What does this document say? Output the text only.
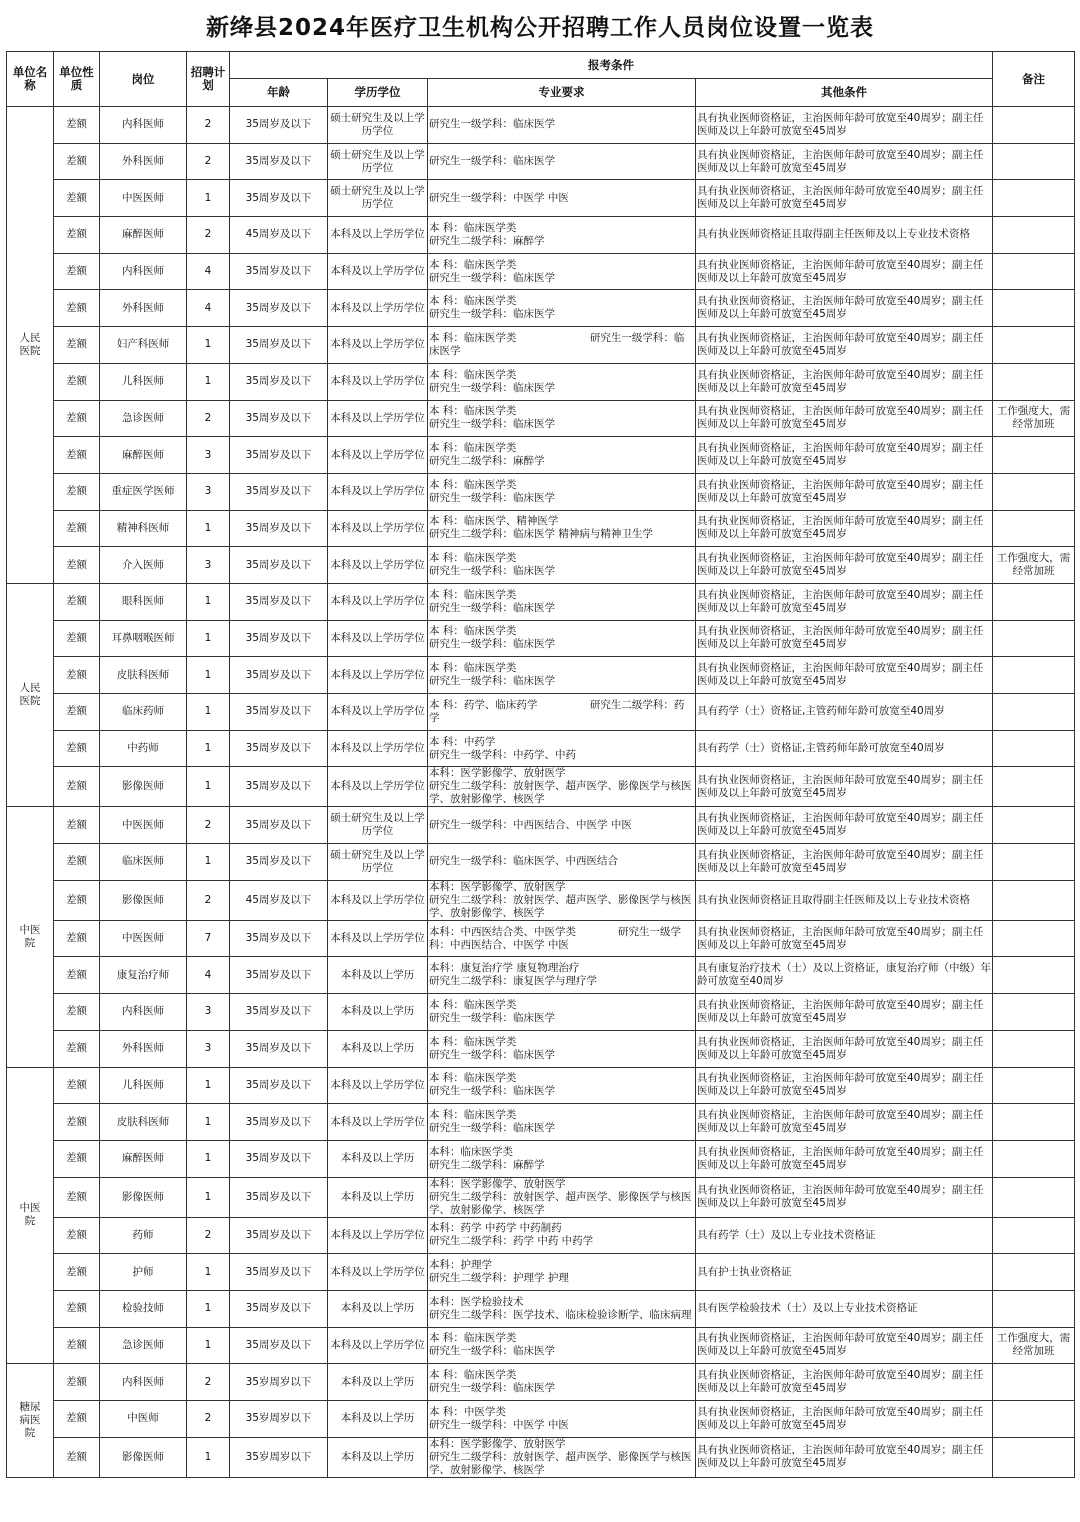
新绛县2024年医疗卫生机构公开招聘工作人员岗位设置一览表
单位名称	单位性质	岗位	招聘计划	报考条件				备注
				年龄	学历学位	专业要求	其他条件	
人民医院	差额	内科医师	2	35周岁及以下	硕士研究生及以上学历学位	研究生一级学科：临床医学	具有执业医师资格证，主治医师年龄可放宽至40周岁；副主任医师及以上年龄可放宽至45周岁	
	差额	外科医师	2	35周岁及以下	硕士研究生及以上学历学位	研究生一级学科：临床医学	具有执业医师资格证，主治医师年龄可放宽至40周岁；副主任医师及以上年龄可放宽至45周岁	
	差额	中医医师	1	35周岁及以下	硕士研究生及以上学历学位	研究生一级学科：中医学 中医	具有执业医师资格证，主治医师年龄可放宽至40周岁；副主任医师及以上年龄可放宽至45周岁	
	差额	麻醉医师	2	45周岁及以下	本科及以上学历学位	本 科：临床医学类
研究生二级学科：麻醉学	具有执业医师资格证且取得副主任医师及以上专业技术资格	
	差额	内科医师	4	35周岁及以下	本科及以上学历学位	本 科：临床医学类
研究生一级学科：临床医学	具有执业医师资格证，主治医师年龄可放宽至40周岁；副主任医师及以上年龄可放宽至45周岁	
	差额	外科医师	4	35周岁及以下	本科及以上学历学位	本 科：临床医学类
研究生一级学科：临床医学	具有执业医师资格证，主治医师年龄可放宽至40周岁；副主任医师及以上年龄可放宽至45周岁	
	差额	妇产科医师	1	35周岁及以下	本科及以上学历学位	本 科：临床医学类　　　　　　　研究生一级学科：临床医学	具有执业医师资格证，主治医师年龄可放宽至40周岁；副主任医师及以上年龄可放宽至45周岁	
	差额	儿科医师	1	35周岁及以下	本科及以上学历学位	本 科：临床医学类
研究生一级学科：临床医学	具有执业医师资格证，主治医师年龄可放宽至40周岁；副主任医师及以上年龄可放宽至45周岁	
	差额	急诊医师	2	35周岁及以下	本科及以上学历学位	本 科：临床医学类
研究生一级学科：临床医学	具有执业医师资格证，主治医师年龄可放宽至40周岁；副主任医师及以上年龄可放宽至45周岁	工作强度大，需经常加班
	差额	麻醉医师	3	35周岁及以下	本科及以上学历学位	本 科：临床医学类
研究生二级学科：麻醉学	具有执业医师资格证，主治医师年龄可放宽至40周岁；副主任医师及以上年龄可放宽至45周岁	
	差额	重症医学医师	3	35周岁及以下	本科及以上学历学位	本 科：临床医学类
研究生一级学科：临床医学	具有执业医师资格证，主治医师年龄可放宽至40周岁；副主任医师及以上年龄可放宽至45周岁	
	差额	精神科医师	1	35周岁及以下	本科及以上学历学位	本 科：临床医学、精神医学
研究生二级学科：临床医学 精神病与精神卫生学	具有执业医师资格证，主治医师年龄可放宽至40周岁；副主任医师及以上年龄可放宽至45周岁	
	差额	介入医师	3	35周岁及以下	本科及以上学历学位	本 科：临床医学类
研究生一级学科：临床医学	具有执业医师资格证，主治医师年龄可放宽至40周岁；副主任医师及以上年龄可放宽至45周岁	工作强度大，需经常加班
人民医院	差额	眼科医师	1	35周岁及以下	本科及以上学历学位	本 科：临床医学类
研究生一级学科：临床医学	具有执业医师资格证，主治医师年龄可放宽至40周岁；副主任医师及以上年龄可放宽至45周岁	
	差额	耳鼻咽喉医师	1	35周岁及以下	本科及以上学历学位	本 科：临床医学类
研究生一级学科：临床医学	具有执业医师资格证，主治医师年龄可放宽至40周岁；副主任医师及以上年龄可放宽至45周岁	
	差额	皮肤科医师	1	35周岁及以下	本科及以上学历学位	本 科：临床医学类
研究生一级学科：临床医学	具有执业医师资格证，主治医师年龄可放宽至40周岁；副主任医师及以上年龄可放宽至45周岁	
	差额	临床药师	1	35周岁及以下	本科及以上学历学位	本 科：药学、临床药学　　　　　研究生二级学科：药学	具有药学（士）资格证,主管药师年龄可放宽至40周岁	
	差额	中药师	1	35周岁及以下	本科及以上学历学位	本 科：中药学
研究生一级学科：中药学、中药	具有药学（士）资格证,主管药师年龄可放宽至40周岁	
	差额	影像医师	1	35周岁及以下	本科及以上学历学位	本科：医学影像学、放射医学
研究生二级学科：放射医学、超声医学、影像医学与核医学、放射影像学、核医学	具有执业医师资格证，主治医师年龄可放宽至40周岁；副主任医师及以上年龄可放宽至45周岁	
中医院	差额	中医医师	2	35周岁及以下	硕士研究生及以上学历学位	研究生一级学科：中西医结合、中医学 中医	具有执业医师资格证，主治医师年龄可放宽至40周岁；副主任医师及以上年龄可放宽至45周岁	
	差额	临床医师	1	35周岁及以下	硕士研究生及以上学历学位	研究生一级学科：临床医学、中西医结合	具有执业医师资格证，主治医师年龄可放宽至40周岁；副主任医师及以上年龄可放宽至45周岁	
	差额	影像医师	2	45周岁及以下	本科及以上学历学位	本科：医学影像学、放射医学
研究生二级学科：放射医学、超声医学、影像医学与核医学、放射影像学、核医学	具有执业医师资格证且取得副主任医师及以上专业技术资格	
	差额	中医医师	7	35周岁及以下	本科及以上学历学位	本科：中西医结合类、中医学类　　　　研究生一级学科：中西医结合、中医学 中医	具有执业医师资格证，主治医师年龄可放宽至40周岁；副主任医师及以上年龄可放宽至45周岁	
	差额	康复治疗师	4	35周岁及以下	本科及以上学历	本科：康复治疗学 康复物理治疗
研究生二级学科：康复医学与理疗学	具有康复治疗技术（士）及以上资格证，康复治疗师（中级）年龄可放宽至40周岁	
	差额	内科医师	3	35周岁及以下	本科及以上学历	本 科：临床医学类
研究生一级学科：临床医学	具有执业医师资格证，主治医师年龄可放宽至40周岁；副主任医师及以上年龄可放宽至45周岁	
	差额	外科医师	3	35周岁及以下	本科及以上学历	本 科：临床医学类
研究生一级学科：临床医学	具有执业医师资格证，主治医师年龄可放宽至40周岁；副主任医师及以上年龄可放宽至45周岁	
中医院	差额	儿科医师	1	35周岁及以下	本科及以上学历学位	本 科：临床医学类
研究生一级学科：临床医学	具有执业医师资格证，主治医师年龄可放宽至40周岁；副主任医师及以上年龄可放宽至45周岁	
	差额	皮肤科医师	1	35周岁及以下	本科及以上学历学位	本 科：临床医学类
研究生一级学科：临床医学	具有执业医师资格证，主治医师年龄可放宽至40周岁；副主任医师及以上年龄可放宽至45周岁	
	差额	麻醉医师	1	35周岁及以下	本科及以上学历	本科：临床医学类
研究生二级学科：麻醉学	具有执业医师资格证，主治医师年龄可放宽至40周岁；副主任医师及以上年龄可放宽至45周岁	
	差额	影像医师	1	35周岁及以下	本科及以上学历	本科：医学影像学、放射医学
研究生二级学科：放射医学、超声医学、影像医学与核医学、放射影像学、核医学	具有执业医师资格证，主治医师年龄可放宽至40周岁；副主任医师及以上年龄可放宽至45周岁	
	差额	药师	2	35周岁及以下	本科及以上学历学位	本科：药学 中药学 中药制药
研究生二级学科：药学 中药 中药学	具有药学（士）及以上专业技术资格证	
	差额	护师	1	35周岁及以下	本科及以上学历学位	本科：护理学
研究生二级学科：护理学 护理	具有护士执业资格证	
	差额	检验技师	1	35周岁及以下	本科及以上学历	本科：医学检验技术
研究生二级学科：医学技术、临床检验诊断学、临床病理	具有医学检验技术（士）及以上专业技术资格证	
	差额	急诊医师	1	35周岁及以下	本科及以上学历学位	本 科：临床医学类
研究生一级学科：临床医学	具有执业医师资格证，主治医师年龄可放宽至40周岁；副主任医师及以上年龄可放宽至45周岁	工作强度大，需经常加班
糖尿病医院	差额	内科医师	2	35岁周岁以下	本科及以上学历	本 科：临床医学类
研究生一级学科：临床医学	具有执业医师资格证，主治医师年龄可放宽至40周岁；副主任医师及以上年龄可放宽至45周岁	
	差额	中医师	2	35岁周岁以下	本科及以上学历	本 科：中医学类
研究生一级学科：中医学 中医	具有执业医师资格证，主治医师年龄可放宽至40周岁；副主任医师及以上年龄可放宽至45周岁	
	差额	影像医师	1	35岁周岁以下	本科及以上学历	本科：医学影像学、放射医学
研究生二级学科：放射医学、超声医学、影像医学与核医学、放射影像学、核医学	具有执业医师资格证，主治医师年龄可放宽至40周岁；副主任医师及以上年龄可放宽至45周岁	
